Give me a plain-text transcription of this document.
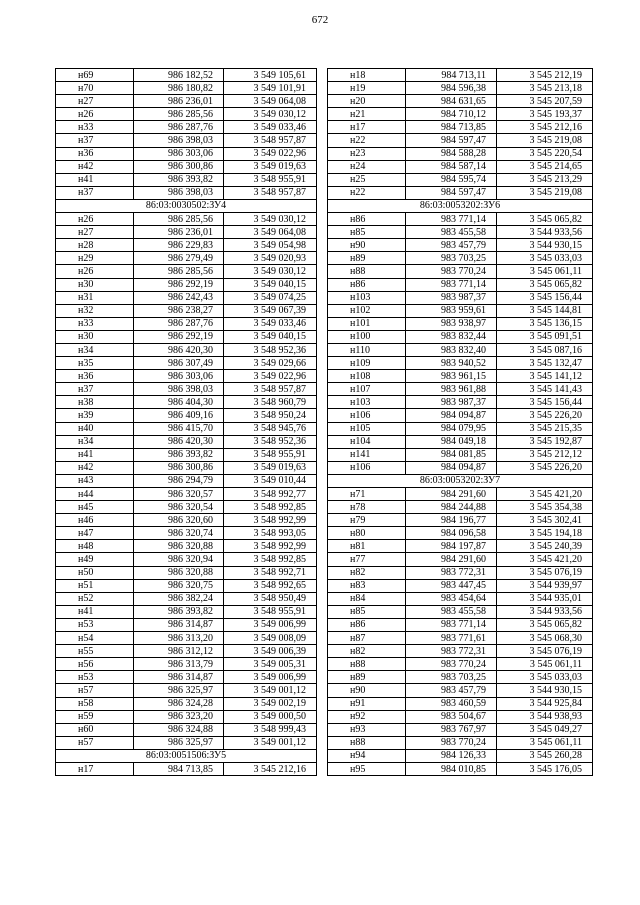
672
н69	986 182,52	3 549 105,61
н70	986 180,82	3 549 101,91
н27	986 236,01	3 549 064,08
н26	986 285,56	3 549 030,12
н33	986 287,76	3 549 033,46
н37	986 398,03	3 548 957,87
н36	986 303,06	3 549 022,96
н42	986 300,86	3 549 019,63
н41	986 393,82	3 548 955,91
н37	986 398,03	3 548 957,87
86:03:0030502:ЗУ4		
н26	986 285,56	3 549 030,12
н27	986 236,01	3 549 064,08
н28	986 229,83	3 549 054,98
н29	986 279,49	3 549 020,93
н26	986 285,56	3 549 030,12
н30	986 292,19	3 549 040,15
н31	986 242,43	3 549 074,25
н32	986 238,27	3 549 067,39
н33	986 287,76	3 549 033,46
н30	986 292,19	3 549 040,15
н34	986 420,30	3 548 952,36
н35	986 307,49	3 549 029,66
н36	986 303,06	3 549 022,96
н37	986 398,03	3 548 957,87
н38	986 404,30	3 548 960,79
н39	986 409,16	3 548 950,24
н40	986 415,70	3 548 945,76
н34	986 420,30	3 548 952,36
н41	986 393,82	3 548 955,91
н42	986 300,86	3 549 019,63
н43	986 294,79	3 549 010,44
н44	986 320,57	3 548 992,77
н45	986 320,54	3 548 992,85
н46	986 320,60	3 548 992,99
н47	986 320,74	3 548 993,05
н48	986 320,88	3 548 992,99
н49	986 320,94	3 548 992,85
н50	986 320,88	3 548 992,71
н51	986 320,75	3 548 992,65
н52	986 382,24	3 548 950,49
н41	986 393,82	3 548 955,91
н53	986 314,87	3 549 006,99
н54	986 313,20	3 549 008,09
н55	986 312,12	3 549 006,39
н56	986 313,79	3 549 005,31
н53	986 314,87	3 549 006,99
н57	986 325,97	3 549 001,12
н58	986 324,28	3 549 002,19
н59	986 323,20	3 549 000,50
н60	986 324,88	3 548 999,43
н57	986 325,97	3 549 001,12
86:03:0051506:ЗУ5		
н17	984 713,85	3 545 212,16
н18	984 713,11	3 545 212,19
н19	984 596,38	3 545 213,18
н20	984 631,65	3 545 207,59
н21	984 710,12	3 545 193,37
н17	984 713,85	3 545 212,16
н22	984 597,47	3 545 219,08
н23	984 588,28	3 545 220,54
н24	984 587,14	3 545 214,65
н25	984 595,74	3 545 213,29
н22	984 597,47	3 545 219,08
86:03:0053202:ЗУ6		
н86	983 771,14	3 545 065,82
н85	983 455,58	3 544 933,56
н90	983 457,79	3 544 930,15
н89	983 703,25	3 545 033,03
н88	983 770,24	3 545 061,11
н86	983 771,14	3 545 065,82
н103	983 987,37	3 545 156,44
н102	983 959,61	3 545 144,81
н101	983 938,97	3 545 136,15
н100	983 832,44	3 545 091,51
н110	983 832,40	3 545 087,16
н109	983 940,52	3 545 132,47
н108	983 961,15	3 545 141,12
н107	983 961,88	3 545 141,43
н103	983 987,37	3 545 156,44
н106	984 094,87	3 545 226,20
н105	984 079,95	3 545 215,35
н104	984 049,18	3 545 192,87
н141	984 081,85	3 545 212,12
н106	984 094,87	3 545 226,20
86:03:0053202:ЗУ7		
н71	984 291,60	3 545 421,20
н78	984 244,88	3 545 354,38
н79	984 196,77	3 545 302,41
н80	984 096,58	3 545 194,18
н81	984 197,87	3 545 240,39
н77	984 291,60	3 545 421,20
н82	983 772,31	3 545 076,19
н83	983 447,45	3 544 939,97
н84	983 454,64	3 544 935,01
н85	983 455,58	3 544 933,56
н86	983 771,14	3 545 065,82
н87	983 771,61	3 545 068,30
н82	983 772,31	3 545 076,19
н88	983 770,24	3 545 061,11
н89	983 703,25	3 545 033,03
н90	983 457,79	3 544 930,15
н91	983 460,59	3 544 925,84
н92	983 504,67	3 544 938,93
н93	983 767,97	3 545 049,27
н88	983 770,24	3 545 061,11
н94	984 126,33	3 545 260,28
н95	984 010,85	3 545 176,05
